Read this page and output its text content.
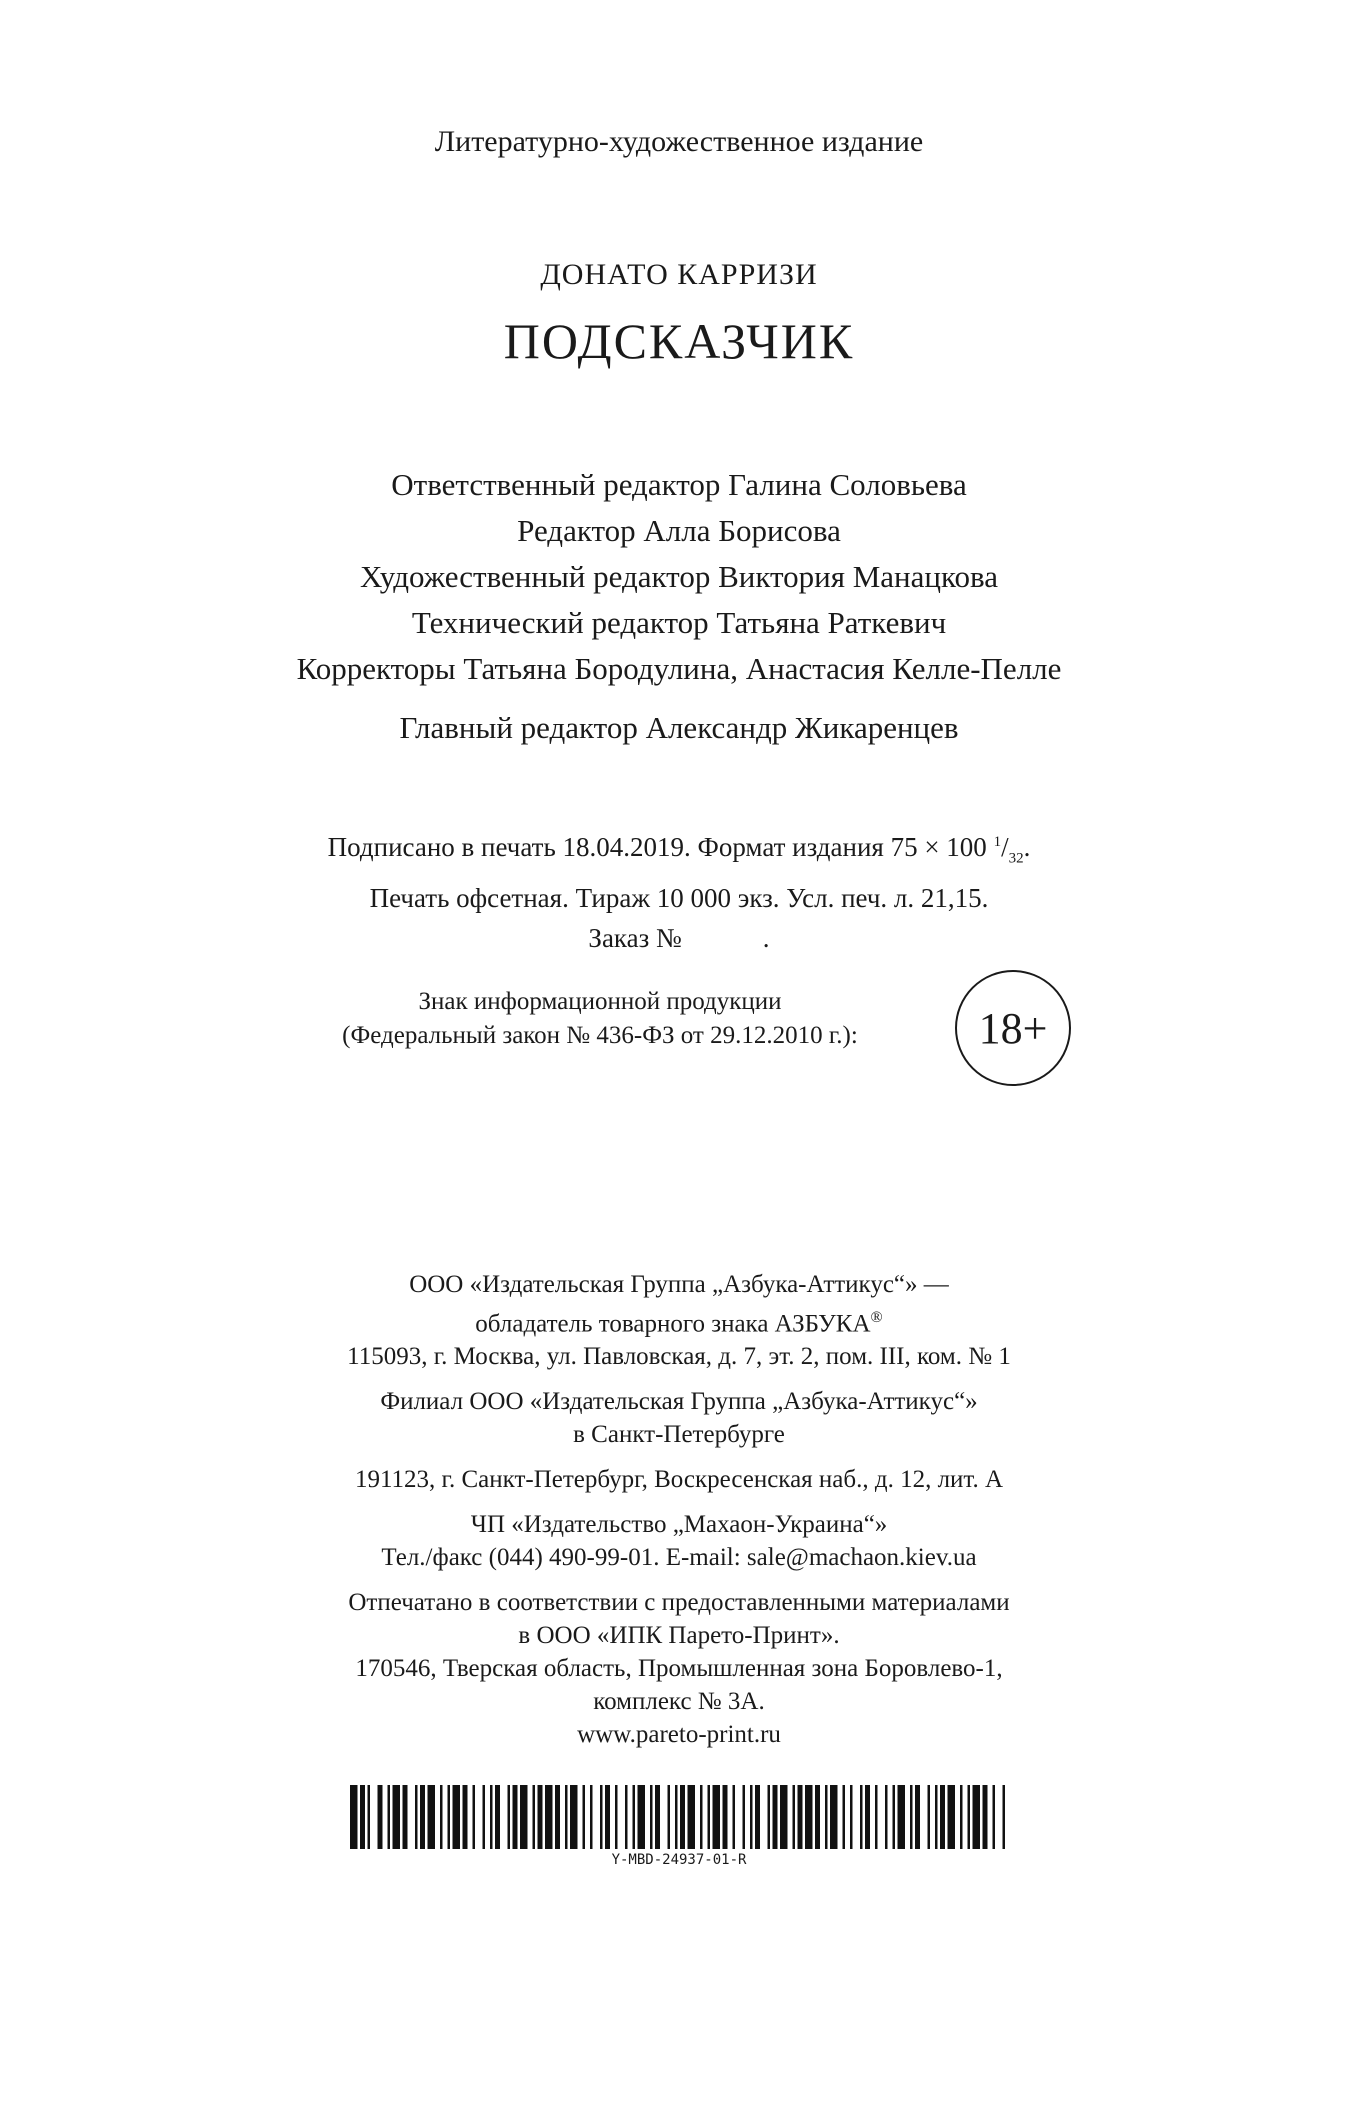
Литературно-художественное издание
ДОНАТО КАРРИЗИ
ПОДСКАЗЧИК
Ответственный редактор Галина Соловьева
Редактор Алла Борисова
Художественный редактор Виктория Манацкова
Технический редактор Татьяна Раткевич
Корректоры Татьяна Бородулина, Анастасия Келле-Пелле
Главный редактор Александр Жикаренцев
Подписано в печать 18.04.2019. Формат издания 75 × 100 $^1/_{32}$.
Печать офсетная. Тираж 10 000 экз. Усл. печ. л. 21,15.
Заказ №            .
Знак информационной продукции
(Федеральный закон № 436-ФЗ от 29.12.2010 г.):	18+
ООО «Издательская Группа „Азбука-Аттикус“» —
обладатель товарного знака АЗБУКА®
115093, г. Москва, ул. Павловская, д. 7, эт. 2, пом. III, ком. № 1
Филиал ООО «Издательская Группа „Азбука-Аттикус“»
в Санкт-Петербурге
191123, г. Санкт-Петербург, Воскресенская наб., д. 12, лит. А
ЧП «Издательство „Махаон-Украина“»
Тел./факс (044) 490-99-01. E-mail: sale@machaon.kiev.ua
Отпечатано в соответствии с предоставленными материалами
в ООО «ИПК Парето-Принт».
170546, Тверская область, Промышленная зона Боровлево-1,
комплекс № 3А.
www.pareto-print.ru
Y-MBD-24937-01-R
